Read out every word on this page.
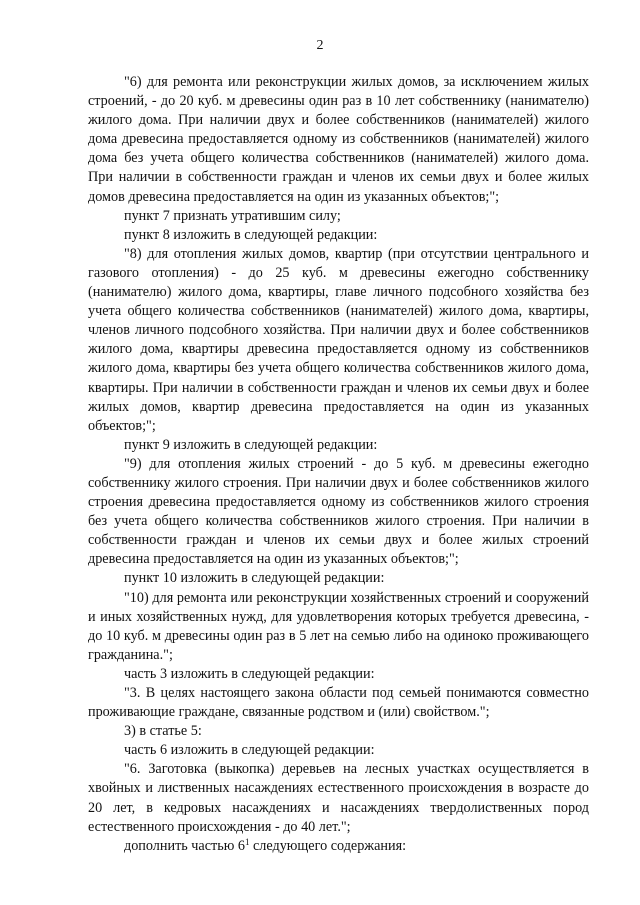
2

"6) для ремонта или реконструкции жилых домов, за исключением жилых строений, - до 20 куб. м древесины один раз в 10 лет собственнику (нанимателю) жилого дома. При наличии двух и более собственников (нанимателей) жилого дома древесина предоставляется одному из собственников (нанимателей) жилого дома без учета общего количества собственников (нанимателей) жилого дома. При наличии в собственности граждан и членов их семьи двух и более жилых домов древесина предоставляется на один из указанных объектов;";

пункт 7 признать утратившим силу;

пункт 8 изложить в следующей редакции:

"8) для отопления жилых домов, квартир (при отсутствии центрального и газового отопления) - до 25 куб. м древесины ежегодно собственнику (нанимателю) жилого дома, квартиры, главе личного подсобного хозяйства без учета общего количества собственников (нанимателей) жилого дома, квартиры, членов личного подсобного хозяйства. При наличии двух и более собственников жилого дома, квартиры древесина предоставляется одному из собственников жилого дома, квартиры без учета общего количества собственников жилого дома, квартиры. При наличии в собственности граждан и членов их семьи двух и более жилых домов, квартир древесина предоставляется на один из указанных объектов;";

пункт 9 изложить в следующей редакции:

"9) для отопления жилых строений - до 5 куб. м древесины ежегодно собственнику жилого строения. При наличии двух и более собственников жилого строения древесина предоставляется одному из собственников жилого строения без учета общего количества собственников жилого строения. При наличии в собственности граждан и членов их семьи двух и более жилых строений древесина предоставляется на один из указанных объектов;";

пункт 10 изложить в следующей редакции:

"10) для ремонта или реконструкции хозяйственных строений и сооружений и иных хозяйственных нужд, для удовлетворения которых требуется древесина, - до 10 куб. м древесины один раз в 5 лет на семью либо на одиноко проживающего гражданина.";

часть 3 изложить в следующей редакции:

"3. В целях настоящего закона области под семьей понимаются совместно проживающие граждане, связанные родством и (или) свойством.";

3) в статье 5:

часть 6 изложить в следующей редакции:

"6. Заготовка (выкопка) деревьев на лесных участках осуществляется в хвойных и лиственных насаждениях естественного происхождения в возрасте до 20 лет, в кедровых насаждениях и насаждениях твердолиственных пород естественного происхождения - до 40 лет.";

дополнить частью $6^1$ следующего содержания:
